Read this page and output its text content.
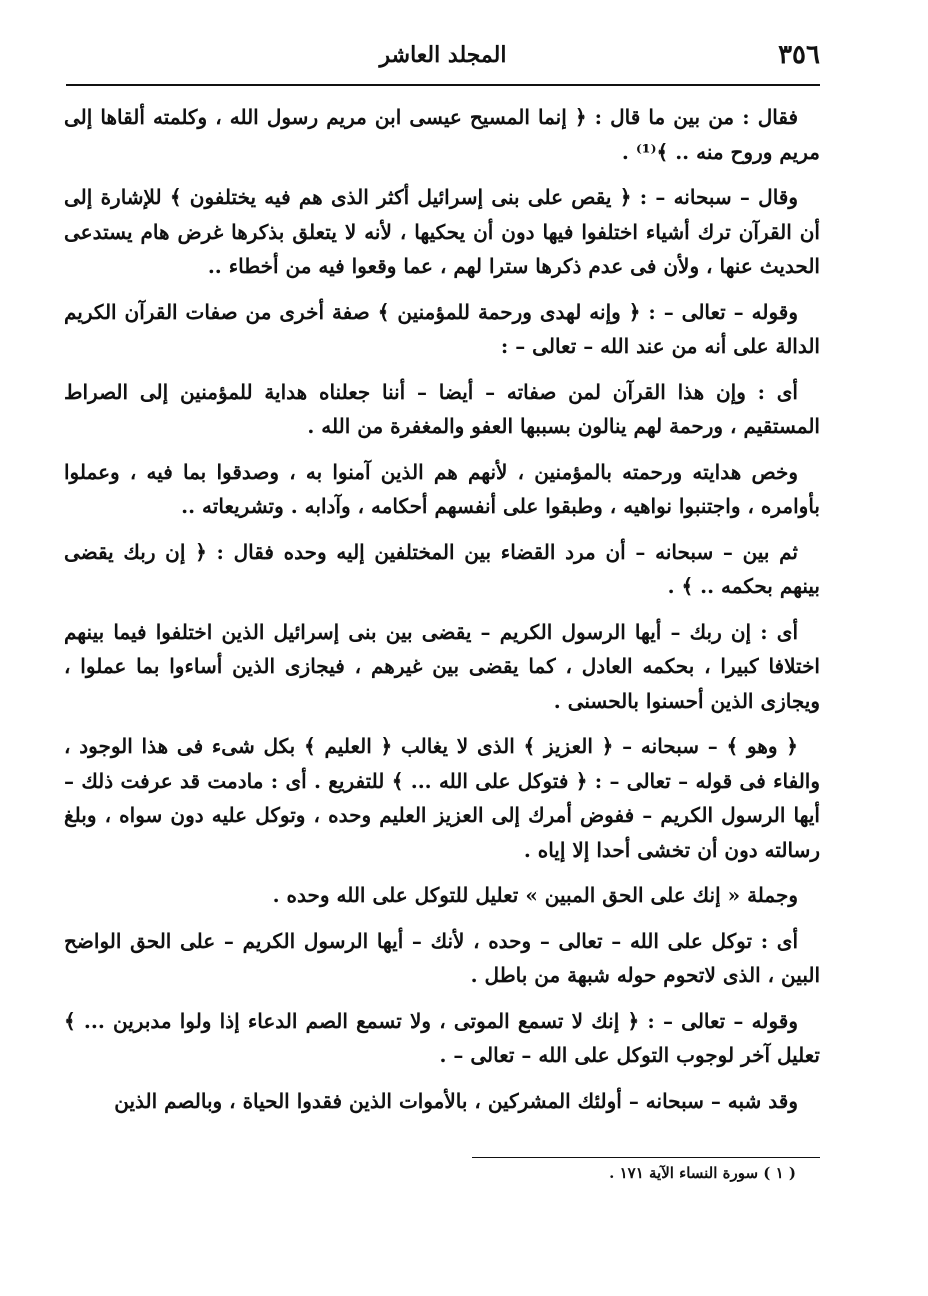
٣٥٦
المجلد العاشر

فقال : من بين ما قال : ﴿ إنما المسيح عيسى ابن مريم رسول الله ، وكلمته ألقاها إلى مريم وروح منه .. ﴾⁽¹⁾ .

وقال – سبحانه – : ﴿ يقص على بنى إسرائيل أكثر الذى هم فيه يختلفون ﴾ للإشارة إلى أن القرآن ترك أشياء اختلفوا فيها دون أن يحكيها ، لأنه لا يتعلق بذكرها غرض هام يستدعى الحديث عنها ، ولأن فى عدم ذكرها سترا لهم ، عما وقعوا فيه من أخطاء ..

وقوله – تعالى – : ﴿ وإنه لهدى ورحمة للمؤمنين ﴾ صفة أخرى من صفات القرآن الكريم الدالة على أنه من عند الله – تعالى – :

أى : وإن هذا القرآن لمن صفاته – أيضا – أننا جعلناه هداية للمؤمنين إلى الصراط المستقيم ، ورحمة لهم ينالون بسببها العفو والمغفرة من الله .

وخص هدايته ورحمته بالمؤمنين ، لأنهم هم الذين آمنوا به ، وصدقوا بما فيه ، وعملوا بأوامره ، واجتنبوا نواهيه ، وطبقوا على أنفسهم أحكامه ، وآدابه . وتشريعاته ..

ثم بين – سبحانه – أن مرد القضاء بين المختلفين إليه وحده فقال : ﴿ إن ربك يقضى بينهم بحكمه .. ﴾ .

أى : إن ربك – أيها الرسول الكريم – يقضى بين بنى إسرائيل الذين اختلفوا فيما بينهم اختلافا كبيرا ، بحكمه العادل ، كما يقضى بين غيرهم ، فيجازى الذين أساءوا بما عملوا ، ويجازى الذين أحسنوا بالحسنى .

﴿ وهو ﴾ – سبحانه – ﴿ العزيز ﴾ الذى لا يغالب ﴿ العليم ﴾ بكل شىء فى هذا الوجود ، والفاء فى قوله – تعالى – : ﴿ فتوكل على الله ... ﴾ للتفريع . أى : مادمت قد عرفت ذلك – أيها الرسول الكريم – ففوض أمرك إلى العزيز العليم وحده ، وتوكل عليه دون سواه ، وبلغ رسالته دون أن تخشى أحدا إلا إياه .

وجملة « إنك على الحق المبين » تعليل للتوكل على الله وحده .

أى : توكل على الله – تعالى – وحده ، لأنك – أيها الرسول الكريم – على الحق الواضح البين ، الذى لاتحوم حوله شبهة من باطل .

وقوله – تعالى – : ﴿ إنك لا تسمع الموتى ، ولا تسمع الصم الدعاء إذا ولوا مدبرين ... ﴾ تعليل آخر لوجوب التوكل على الله – تعالى – .

وقد شبه – سبحانه – أولئك المشركين ، بالأموات الذين فقدوا الحياة ، وبالصم الذين

( ١ ) سورة النساء الآية ١٧١ .
